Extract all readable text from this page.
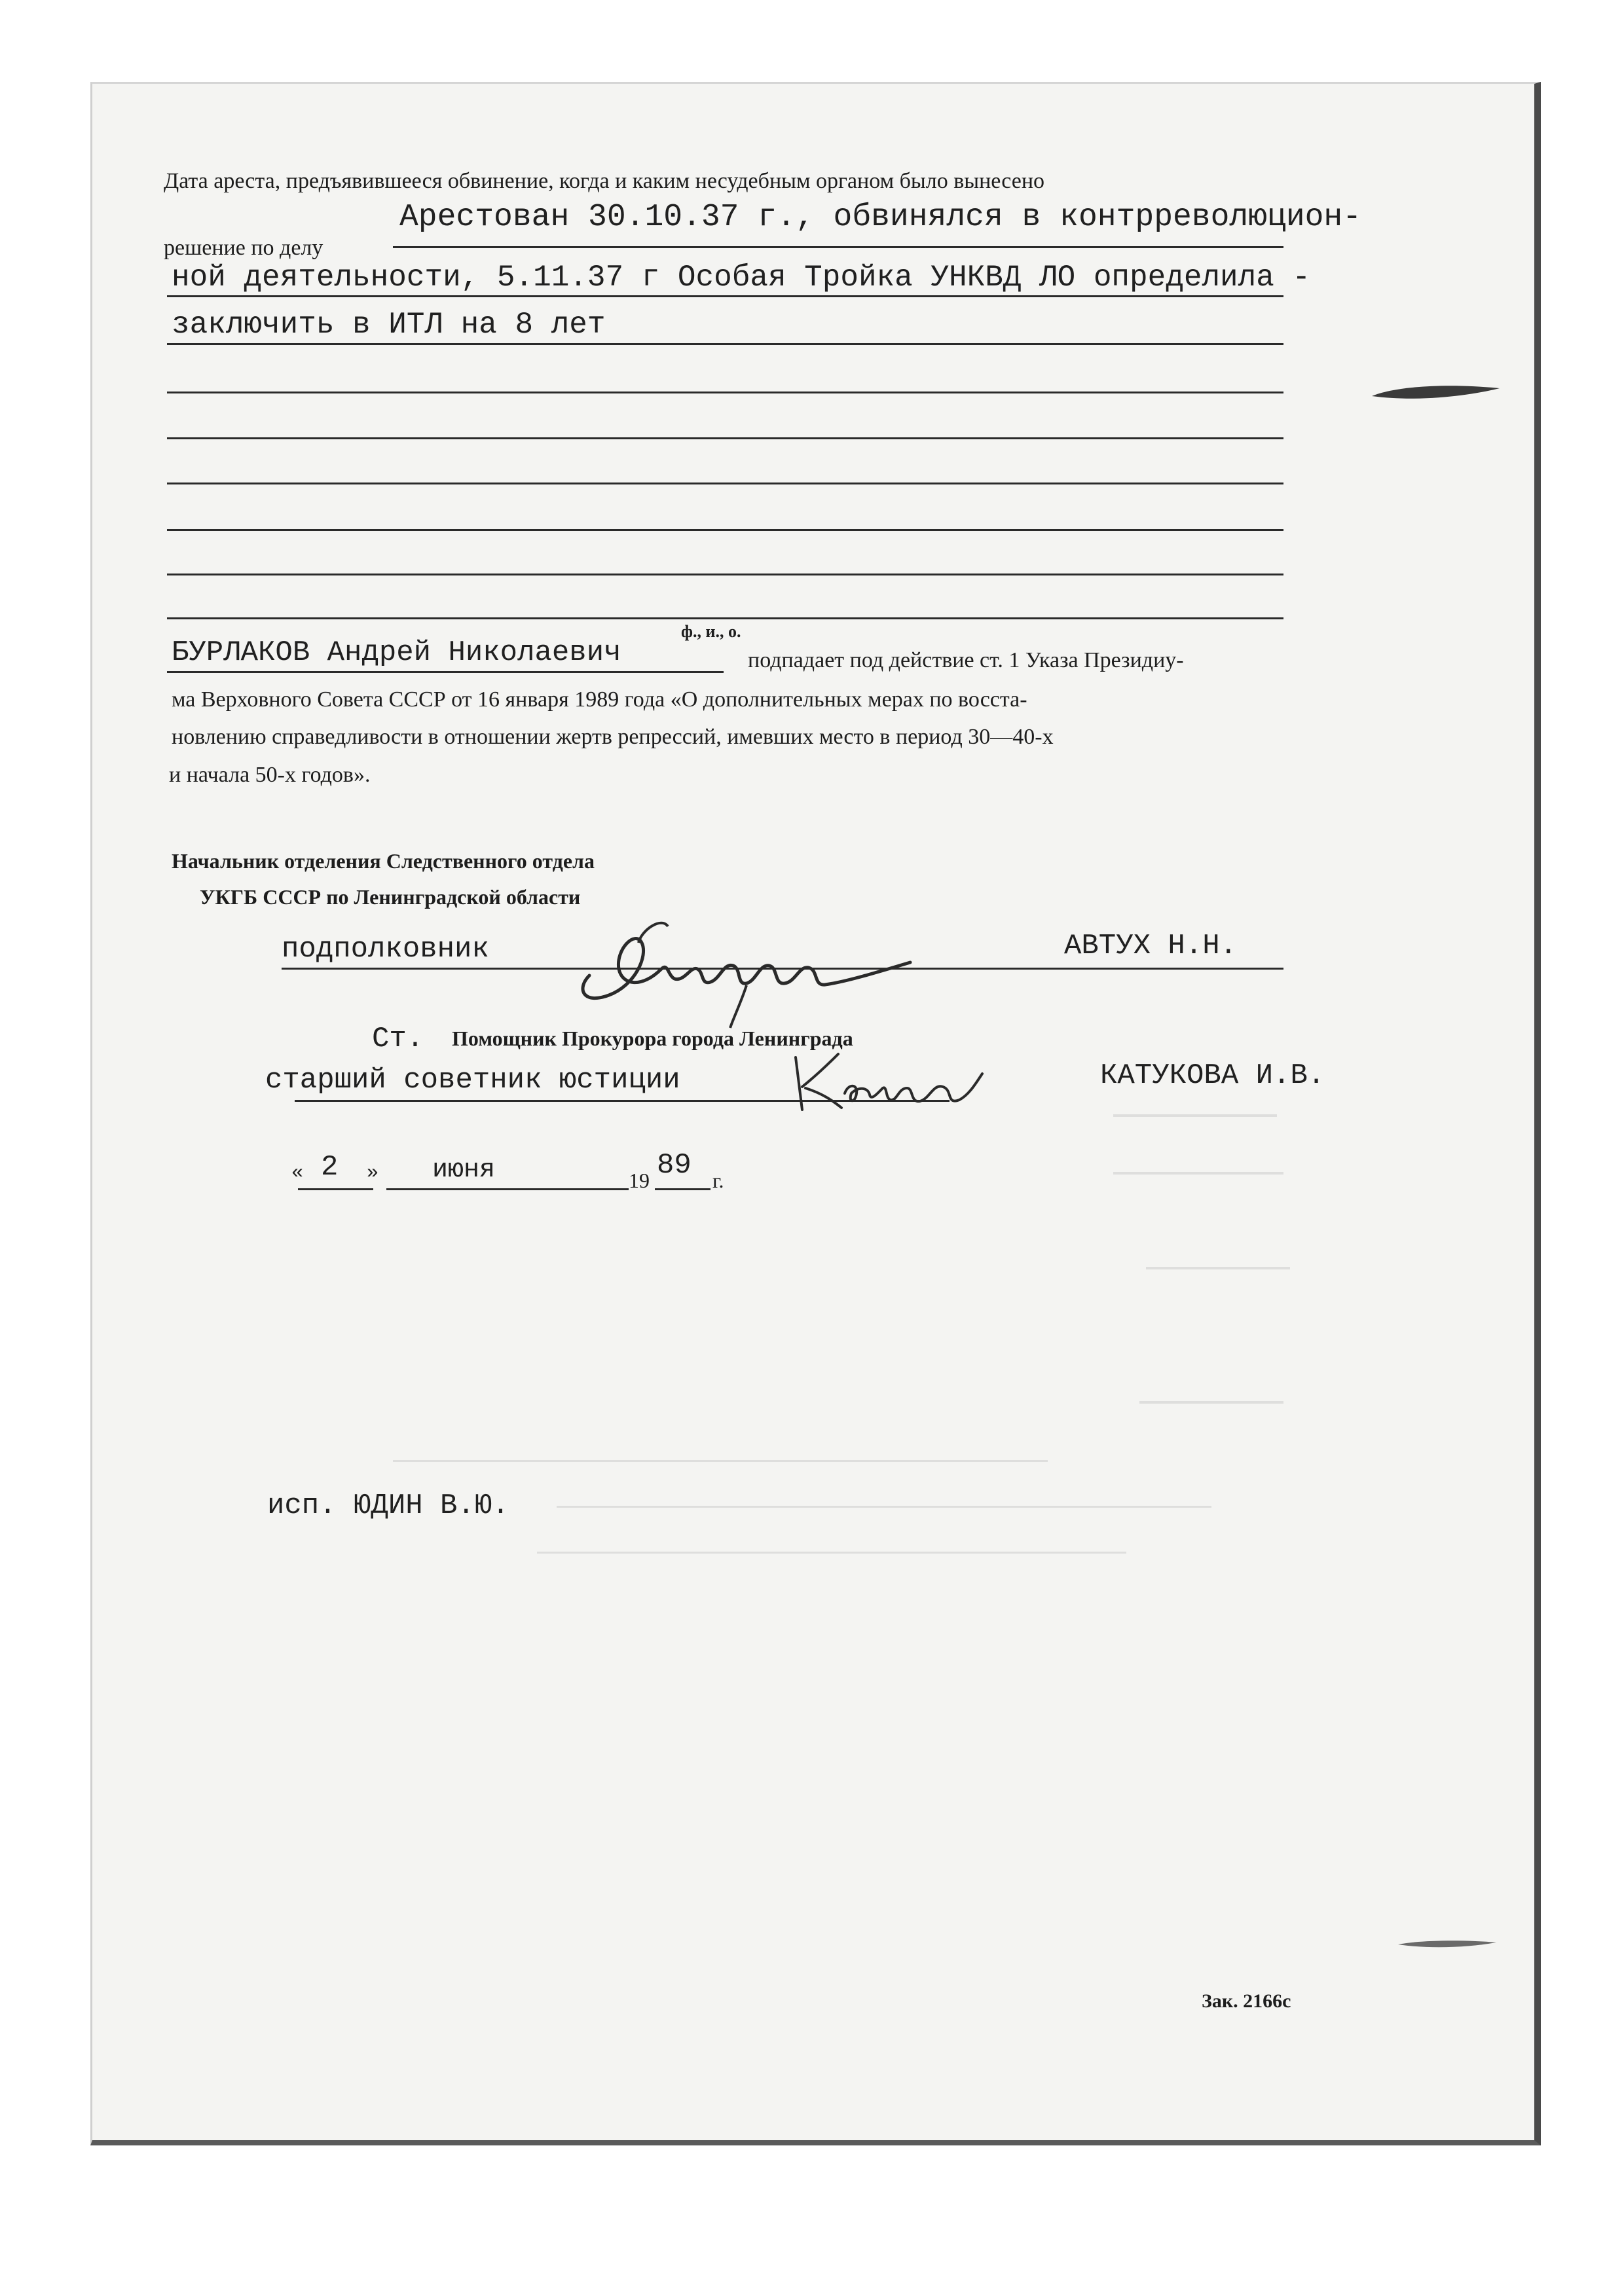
Дата ареста, предъявившееся обвинение, когда и каким несудебным органом было вынесено
решение по делу
Арестован 30.10.37 г., обвинялся в контрреволюцион-
ной деятельности, 5.11.37 г Особая Тройка УНКВД ЛО определила -
заключить в ИТЛ на 8 лет
БУРЛАКОВ Андрей Николаевич
ф., и., о.
подпадает под действие ст. 1 Указа Президиу-
ма Верховного Совета СССР от 16 января 1989 года «О дополнительных мерах по восста-
новлению справедливости в отношении жертв репрессий, имевших место в период 30—40-х
и начала 50-х годов».
Начальник отделения Следственного отдела
УКГБ СССР по Ленинградской области
подполковник	АВТУХ Н.Н.
Ст. Помощник Прокурора города Ленинграда
старший советник юстиции	КАТУКОВА И.В.
« 2 » июня	19 89 г.
исп. ЮДИН В.Ю.
Зак. 2166с
